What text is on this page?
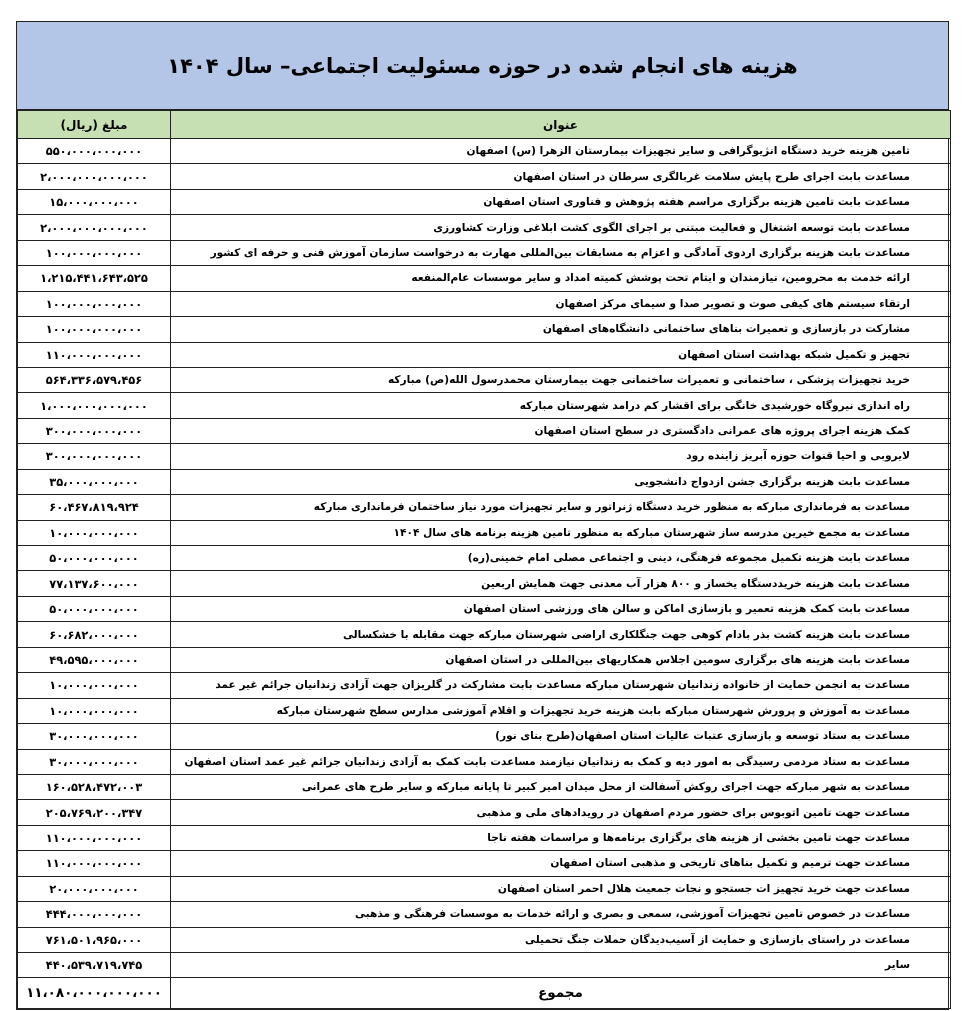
هزینه های انجام شده در حوزه مسئولیت اجتماعی– سال ۱۴۰۴
عنوان	مبلغ (ریال)
تامین هزینه خرید دستگاه انژیوگرافی و سایر تجهیزات بیمارستان الزهرا (س) اصفهان	۵۵۰،۰۰۰،۰۰۰،۰۰۰
مساعدت بابت اجرای طرح پایش سلامت غربالگری سرطان در استان اصفهان	۲،۰۰۰،۰۰۰،۰۰۰،۰۰۰
مساعدت بابت تامین هزینه برگزاری مراسم هفته پژوهش و فناوری استان اصفهان	۱۵،۰۰۰،۰۰۰،۰۰۰
مساعدت بابت توسعه اشتغال و فعالیت مبتنی بر اجرای الگوی کشت ابلاغی وزارت کشاورزی	۲،۰۰۰،۰۰۰،۰۰۰،۰۰۰
مساعدت بابت هزینه برگزاری اردوی آمادگی و اعزام به مسابقات بین‌المللی مهارت به درخواست سازمان آموزش فنی و حرفه ای کشور	۱۰۰،۰۰۰،۰۰۰،۰۰۰
ارائه خدمت به محرومین، نیازمندان و ایتام تحت پوشش کمیته امداد و سایر موسسات عام‌المنفعه	۱،۲۱۵،۴۴۱،۶۴۳،۵۲۵
ارتقاء سیستم های کیفی صوت و تصویر صدا و سیمای مرکز اصفهان	۱۰۰،۰۰۰،۰۰۰،۰۰۰
مشارکت در بازسازی و تعمیرات بناهای ساختمانی دانشگاه‌های اصفهان	۱۰۰،۰۰۰،۰۰۰،۰۰۰
تجهیز و تکمیل شبکه بهداشت استان اصفهان	۱۱۰،۰۰۰،۰۰۰،۰۰۰
خرید تجهیزات پزشکی ، ساختمانی و تعمیرات ساختمانی جهت بیمارستان محمدرسول الله(ص) مبارکه	۵۶۴،۳۳۶،۵۷۹،۴۵۶
راه اندازی نیروگاه خورشیدی خانگی برای اقشار کم درامد شهرستان مبارکه	۱،۰۰۰،۰۰۰،۰۰۰،۰۰۰
کمک هزینه اجرای پروژه های عمرانی دادگستری در سطح استان اصفهان	۳۰۰،۰۰۰،۰۰۰،۰۰۰
لایروبی و احیا قنوات حوزه آبریز زاینده رود	۳۰۰،۰۰۰،۰۰۰،۰۰۰
مساعدت بابت هزینه برگزاری جشن ازدواج دانشجویی	۳۵،۰۰۰،۰۰۰،۰۰۰
مساعدت به فرمانداری مبارکه به منظور خرید دستگاه ژنراتور و سایر تجهیزات مورد نیاز ساختمان فرمانداری مبارکه	۶۰،۴۶۷،۸۱۹،۹۲۴
مساعدت به مجمع خیرین مدرسه ساز شهرستان مبارکه به منظور تامین هزینه برنامه های سال ۱۴۰۴	۱۰،۰۰۰،۰۰۰،۰۰۰
مساعدت بابت هزینه تکمیل مجموعه فرهنگی، دینی و اجتماعی مصلی امام خمینی(ره)	۵۰،۰۰۰،۰۰۰،۰۰۰
مساعدت بابت هزینه خریددستگاه یخساز و ۸۰۰ هزار آب معدنی جهت همایش اربعین	۷۷،۱۳۷،۶۰۰،۰۰۰
مساعدت بابت کمک هزینه تعمیر و بازسازی اماکن و سالن های ورزشی استان اصفهان	۵۰،۰۰۰،۰۰۰،۰۰۰
مساعدت بابت هزینه کشت بذر بادام کوهی جهت جنگلکاری اراضی شهرستان مبارکه جهت مقابله با خشکسالی	۶۰،۶۸۲،۰۰۰،۰۰۰
مساعدت بابت هزینه های برگزاری سومین اجلاس همکاریهای بین‌المللی در استان اصفهان	۴۹،۵۹۵،۰۰۰،۰۰۰
مساعدت به انجمن حمایت از خانواده زندانیان شهرستان مبارکه مساعدت بابت مشارکت در گلریزان جهت آزادی زندانیان جرائم غیر عمد	۱۰،۰۰۰،۰۰۰،۰۰۰
مساعدت به آموزش و پرورش شهرستان مبارکه بابت هزینه خرید تجهیزات و اقلام آموزشی مدارس سطح شهرستان مبارکه	۱۰،۰۰۰،۰۰۰،۰۰۰
مساعدت به ستاد توسعه و بازسازی عتبات عالیات استان اصفهان(طرح بنای نور)	۳۰،۰۰۰،۰۰۰،۰۰۰
مساعدت به ستاد مردمی رسیدگی به امور دیه و کمک به زندانیان نیازمند مساعدت بابت کمک به آزادی زندانیان جرائم غیر عمد استان اصفهان	۳۰،۰۰۰،۰۰۰،۰۰۰
مساعدت به شهر مبارکه جهت اجرای روکش آسفالت از محل میدان امیر کبیر تا پایانه مبارکه و سایر طرح های عمرانی	۱۶۰،۵۲۸،۴۷۲،۰۰۳
مساعدت جهت تامین اتوبوس برای حضور مردم اصفهان در رویدادهای ملی و مذهبی	۲۰۵،۷۶۹،۲۰۰،۳۴۷
مساعدت جهت تامین بخشی از هزینه های برگزاری برنامه‌ها و مراسمات هفته ناجا	۱۱۰،۰۰۰،۰۰۰،۰۰۰
مساعدت جهت ترمیم و تکمیل بناهای تاریخی و مذهبی استان اصفهان	۱۱۰،۰۰۰،۰۰۰،۰۰۰
مساعدت جهت خرید تجهیز ات جستجو و نجات جمعیت هلال احمر استان اصفهان	۲۰،۰۰۰،۰۰۰،۰۰۰
مساعدت در خصوص تامین تجهیزات آموزشی، سمعی و بصری و ارائه خدمات به موسسات فرهنگی و مذهبی	۴۴۴،۰۰۰،۰۰۰،۰۰۰
مساعدت در راستای بازسازی و حمایت از آسیب‌دیدگان حملات جنگ تحمیلی	۷۶۱،۵۰۱،۹۶۵،۰۰۰
سایر	۴۴۰،۵۳۹،۷۱۹،۷۴۵
مجموع	۱۱،۰۸۰،۰۰۰،۰۰۰،۰۰۰
